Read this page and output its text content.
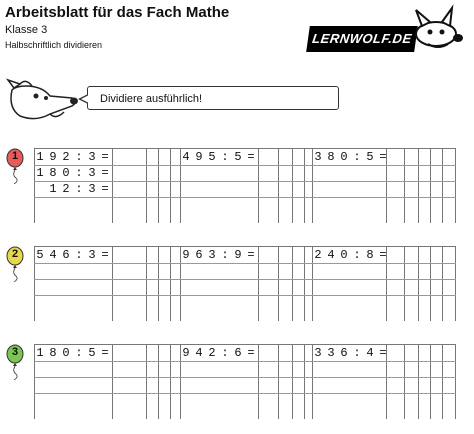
Arbeitsblatt für das Fach Mathe
Klasse 3
Halbschriftlich dividieren	LERNWOLF.DE
Dividiere ausführlich!
1	1 9 2 : 3 =	4 9 5 : 5 =	3 8 0 : 5 =
1 8 0 : 3 =
1 2 : 3 =
2	5 4 6 : 3 =	9 6 3 : 9 =	2 4 0 : 8 =
3	1 8 0 : 5 =	9 4 2 : 6 =	3 3 6 : 4 =
